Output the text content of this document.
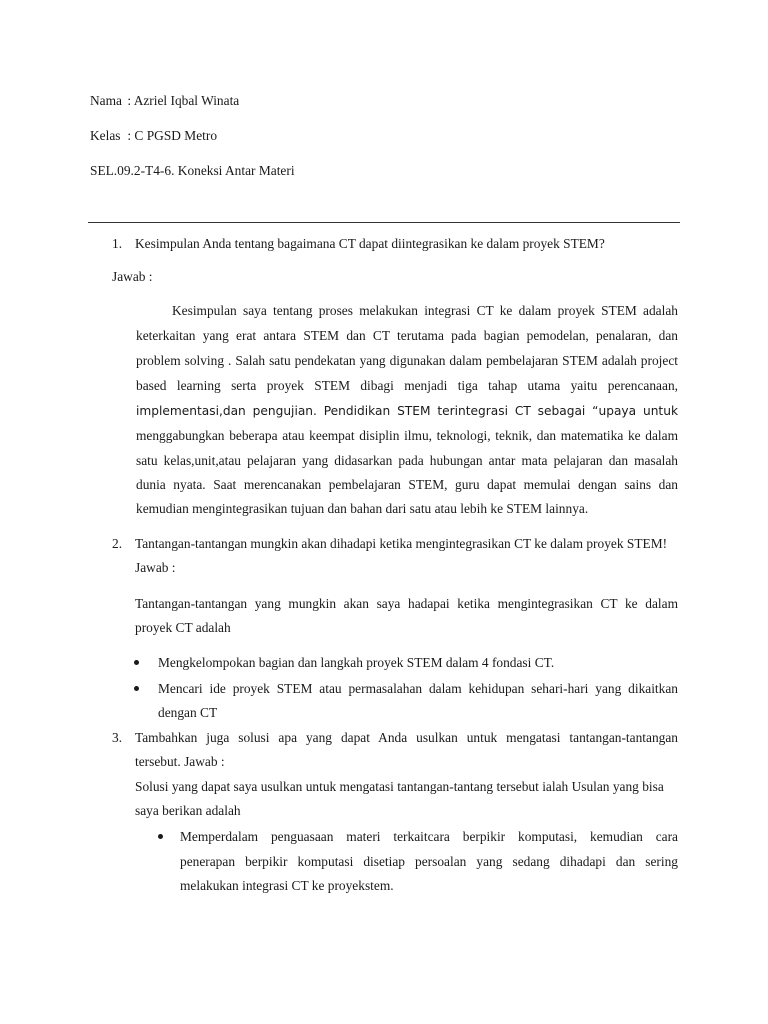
Nama : Azriel Iqbal Winata
Kelas : C PGSD Metro
SEL.09.2-T4-6. Koneksi Antar Materi
1. Kesimpulan Anda tentang bagaimana CT dapat diintegrasikan ke dalam proyek STEM?
Jawab :
Kesimpulan saya tentang proses melakukan integrasi CT ke dalam proyek STEM adalah
keterkaitan yang erat antara STEM dan CT terutama pada bagian pemodelan, penalaran, dan
problem solving . Salah satu pendekatan yang digunakan dalam pembelajaran STEM adalah project
based learning serta proyek STEM dibagi menjadi tiga tahap utama yaitu perencanaan,
implementasi,dan pengujian. Pendidikan STEM terintegrasi CT sebagai “upaya untuk
menggabungkan beberapa atau keempat disiplin ilmu, teknologi, teknik, dan matematika ke dalam
satu kelas,unit,atau pelajaran yang didasarkan pada hubungan antar mata pelajaran dan masalah
dunia nyata. Saat merencanakan pembelajaran STEM, guru dapat memulai dengan sains dan
kemudian mengintegrasikan tujuan dan bahan dari satu atau lebih ke STEM lainnya.
2. Tantangan-tantangan mungkin akan dihadapi ketika mengintegrasikan CT ke dalam proyek STEM!
Jawab :
Tantangan-tantangan yang mungkin akan saya hadapai ketika mengintegrasikan CT ke dalam
proyek CT adalah
Mengkelompokan bagian dan langkah proyek STEM dalam 4 fondasi CT.
Mencari ide proyek STEM atau permasalahan dalam kehidupan sehari-hari yang dikaitkan
dengan CT
3. Tambahkan juga solusi apa yang dapat Anda usulkan untuk mengatasi tantangan-tantangan
tersebut. Jawab :
Solusi yang dapat saya usulkan untuk mengatasi tantangan-tantang tersebut ialah Usulan yang bisa
saya berikan adalah
Memperdalam penguasaan materi terkaitcara berpikir komputasi, kemudian cara
penerapan berpikir komputasi disetiap persoalan yang sedang dihadapi dan sering
melakukan integrasi CT ke proyekstem.
